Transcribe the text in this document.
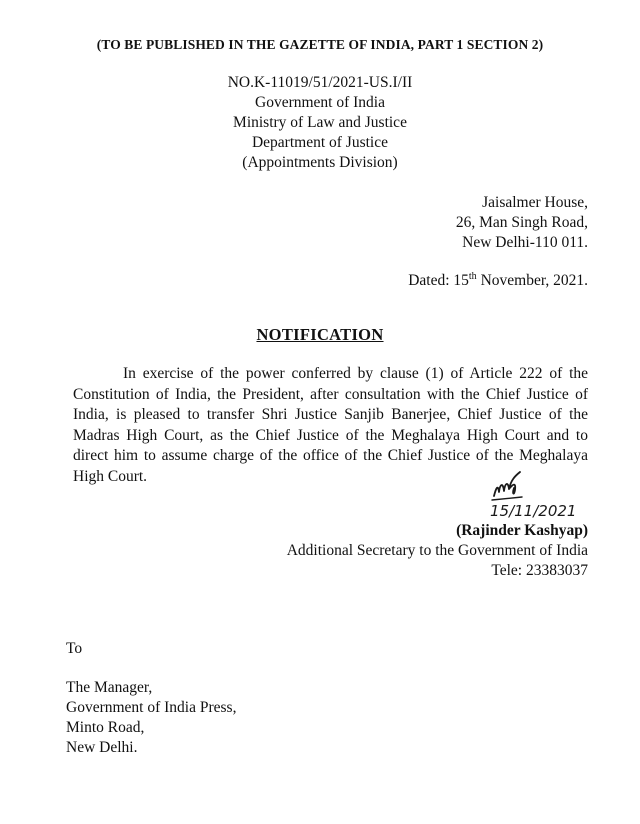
(TO BE PUBLISHED IN THE GAZETTE OF INDIA, PART 1 SECTION 2)
NO.K-11019/51/2021-US.I/II
Government of India
Ministry of Law and Justice
Department of Justice
(Appointments Division)
Jaisalmer House,
26, Man Singh Road,
New Delhi-110 011.
Dated: 15th November, 2021.
NOTIFICATION
In exercise of the power conferred by clause (1) of Article 222 of the Constitution of India, the President, after consultation with the Chief Justice of India, is pleased to transfer Shri Justice Sanjib Banerjee, Chief Justice of the Madras High Court, as the Chief Justice of the Meghalaya High Court and to direct him to assume charge of the office of the Chief Justice of the Meghalaya High Court.
15/11/2021
(Rajinder Kashyap)
Additional Secretary to the Government of India
Tele: 23383037
To
The Manager,
Government of India Press,
Minto Road,
New Delhi.
